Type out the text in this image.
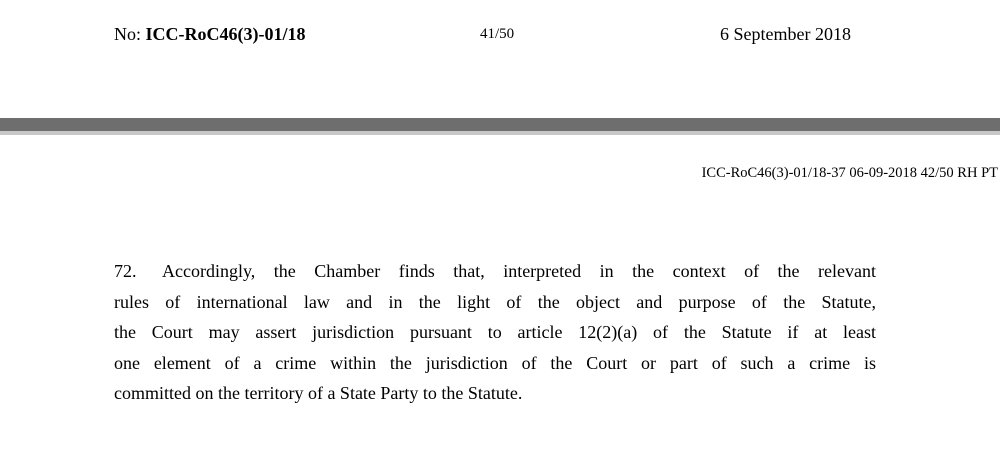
No: ICC-RoC46(3)-01/18	41/50	6 September 2018
ICC-RoC46(3)-01/18-37 06-09-2018 42/50 RH PT
72. Accordingly, the Chamber finds that, interpreted in the context of the relevant
rules of international law and in the light of the object and purpose of the Statute,
the Court may assert jurisdiction pursuant to article 12(2)(a) of the Statute if at least
one element of a crime within the jurisdiction of the Court or part of such a crime is
committed on the territory of a State Party to the Statute.
